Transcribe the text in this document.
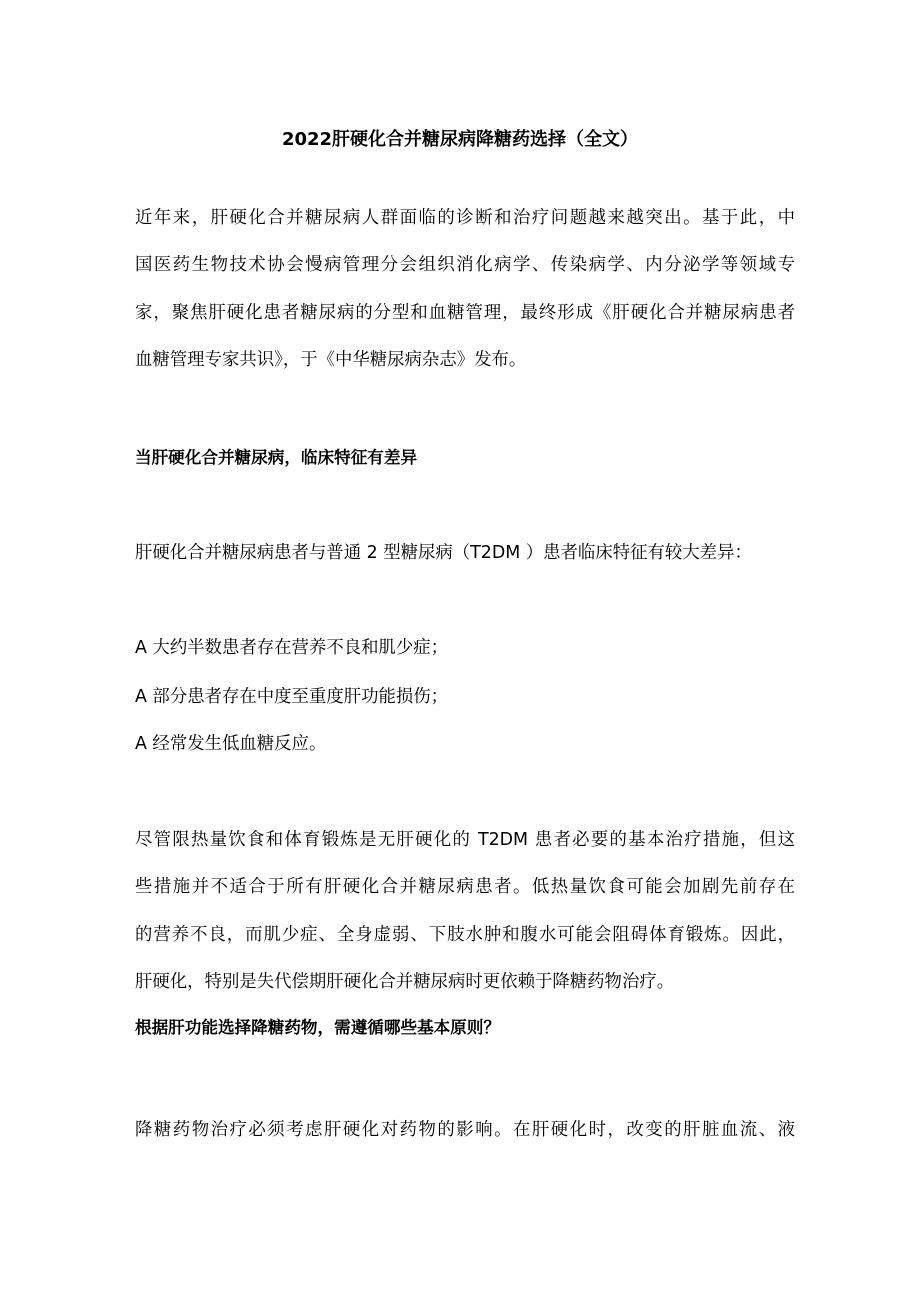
2022肝硬化合并糖尿病降糖药选择（全文）
近年来，肝硬化合并糖尿病人群面临的诊断和治疗问题越来越突出。基于此，中
国医药生物技术协会慢病管理分会组织消化病学、传染病学、内分泌学等领域专
家，聚焦肝硬化患者糖尿病的分型和血糖管理，最终形成《肝硬化合并糖尿病患者
血糖管理专家共识》，于《中华糖尿病杂志》发布。
当肝硬化合并糖尿病，临床特征有差异
肝硬化合并糖尿病患者与普通 2 型糖尿病（T2DM ）患者临床特征有较大差异：
A 大约半数患者存在营养不良和肌少症；
A 部分患者存在中度至重度肝功能损伤；
A 经常发生低血糖反应。
尽管限热量饮食和体育锻炼是无肝硬化的 T2DM 患者必要的基本治疗措施，但这
些措施并不适合于所有肝硬化合并糖尿病患者。低热量饮食可能会加剧先前存在
的营养不良，而肌少症、全身虚弱、下肢水肿和腹水可能会阻碍体育锻炼。因此，
肝硬化，特别是失代偿期肝硬化合并糖尿病时更依赖于降糖药物治疗。
根据肝功能选择降糖药物，需遵循哪些基本原则？
降糖药物治疗必须考虑肝硬化对药物的影响。在肝硬化时，改变的肝脏血流、液
